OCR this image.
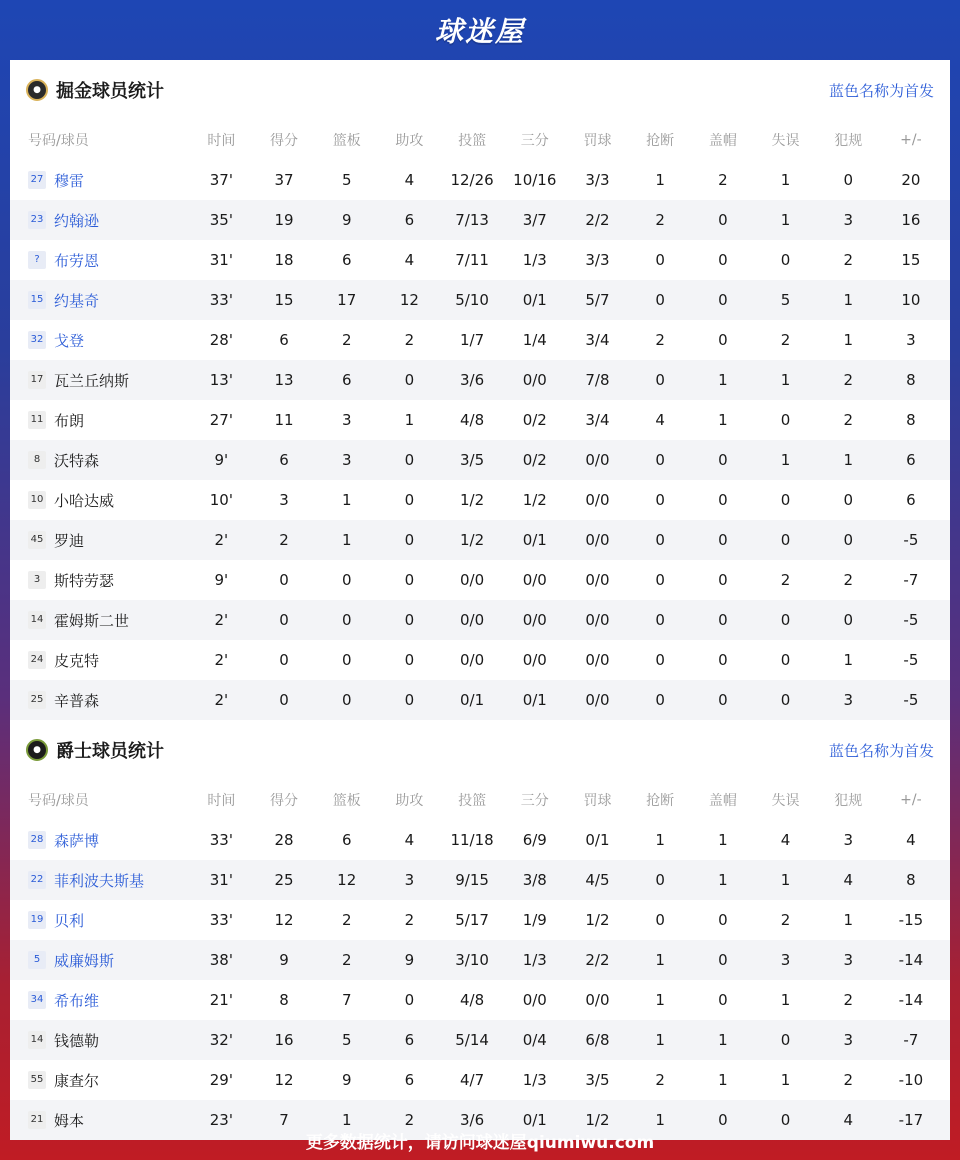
球迷屋
● 掘金球员统计	蓝色名称为首发
号码/球员	时间	得分	篮板	助攻	投篮	三分	罚球	抢断	盖帽	失误	犯规	+/-
27 穆雷	37'	37	5	4	12/26	10/16	3/3	1	2	1	0	20
23 约翰逊	35'	19	9	6	7/13	3/7	2/2	2	0	1	3	16
? 布劳恩	31'	18	6	4	7/11	1/3	3/3	0	0	0	2	15
15 约基奇	33'	15	17	12	5/10	0/1	5/7	0	0	5	1	10
32 戈登	28'	6	2	2	1/7	1/4	3/4	2	0	2	1	3
17 瓦兰丘纳斯	13'	13	6	0	3/6	0/0	7/8	0	1	1	2	8
11 布朗	27'	11	3	1	4/8	0/2	3/4	4	1	0	2	8
8 沃特森	9'	6	3	0	3/5	0/2	0/0	0	0	1	1	6
10 小哈达威	10'	3	1	0	1/2	1/2	0/0	0	0	0	0	6
45 罗迪	2'	2	1	0	1/2	0/1	0/0	0	0	0	0	-5
3 斯特劳瑟	9'	0	0	0	0/0	0/0	0/0	0	0	2	2	-7
14 霍姆斯二世	2'	0	0	0	0/0	0/0	0/0	0	0	0	0	-5
24 皮克特	2'	0	0	0	0/0	0/0	0/0	0	0	0	1	-5
25 辛普森	2'	0	0	0	0/1	0/1	0/0	0	0	0	3	-5
● 爵士球员统计	蓝色名称为首发
号码/球员	时间	得分	篮板	助攻	投篮	三分	罚球	抢断	盖帽	失误	犯规	+/-
28 森萨博	33'	28	6	4	11/18	6/9	0/1	1	1	4	3	4
22 菲利波夫斯基	31'	25	12	3	9/15	3/8	4/5	0	1	1	4	8
19 贝利	33'	12	2	2	5/17	1/9	1/2	0	0	2	1	-15
5 威廉姆斯	38'	9	2	9	3/10	1/3	2/2	1	0	3	3	-14
34 希布维	21'	8	7	0	4/8	0/0	0/0	1	0	1	2	-14
14 钱德勒	32'	16	5	6	5/14	0/4	6/8	1	1	0	3	-7
55 康查尔	29'	12	9	6	4/7	1/3	3/5	2	1	1	2	-10
21 姆本	23'	7	1	2	3/6	0/1	1/2	1	0	0	4	-17
更多数据统计，请访问球迷屋qiumiwu.com
